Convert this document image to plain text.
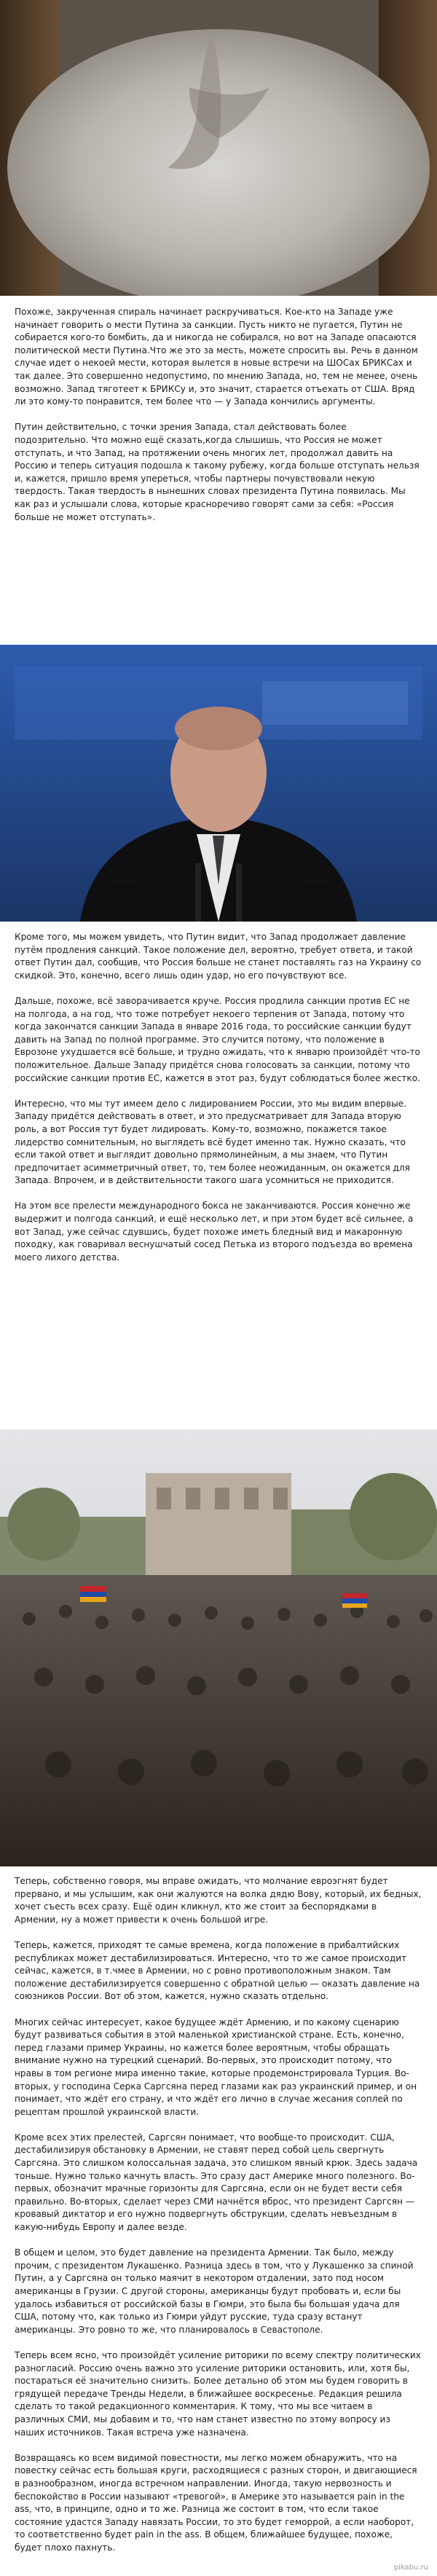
Похоже, закрученная спираль начинает раскручиваться. Кое-кто на Западе уже начинает говорить о мести Путина за санкции. Пусть никто не пугается, Путин не собирается кого-то бомбить, да и никогда не собирался, но вот на Западе опасаются политической мести Путина.Что же это за месть, можете спросить вы. Речь в данном случае идет о некоей мести, которая вылется в новые встречи на ШОСах БРИКСах и так далее. Это совершенно недопустимо, по мнению Запада, но, тем не менее, очень возможно. Запад тяготеет к БРИКСу и, это значит, старается отъехать от США. Вряд ли это кому-то понравится, тем более что — у Запада кончились аргументы.

Путин действительно, с точки зрения Запада, стал действовать более подозрительно. Что можно ещё сказать,когда слышишь, что Россия не может отступать, и что Запад, на протяжении очень многих лет, продолжал давить на Россию и теперь ситуация подошла к такому рубежу, когда больше отступать нельзя и, кажется, пришло время упереться, чтобы партнеры почувствовали некую твердость. Такая твердость в нынешних словах президента Путина появилась. Мы как раз и услышали слова, которые красноречиво говорят сами за себя: «Россия больше не может отступать».

Кроме того, мы можем увидеть, что Путин видит, что Запад продолжает давление путём продления санкций. Такое положение дел, вероятно, требует ответа, и такой ответ Путин дал, сообщив, что Россия больше не станет поставлять газ на Украину со скидкой. Это, конечно, всего лишь один удар, но его почувствуют все.

Дальше, похоже, всё заворачивается круче. Россия продлила санкции против ЕС не на полгода, а на год, что тоже потребует некоего терпения от Запада, потому что когда закончатся санкции Запада в январе 2016 года, то российские санкции будут давить на Запад по полной программе. Это случится потому, что положение в Еврозоне ухудшается всё больше, и трудно ожидать, что к январю произойдёт что-то положительное. Дальше Западу придётся снова голосовать за санкции, потому что российские санкции против ЕС, кажется в этот раз, будут соблюдаться более жестко.

Интересно, что мы тут имеем дело с лидированием России, это мы видим впервые. Западу придётся действовать в ответ, и это предусматривает для Запада вторую роль, а вот Россия тут будет лидировать. Кому-то, возможно, покажется такое лидерство сомнительным, но выглядеть всё будет именно так. Нужно сказать, что если такой ответ и выглядит довольно прямолинейным, а мы знаем, что Путин предпочитает асимметричный ответ, то, тем более неожиданным, он окажется для Запада. Впрочем, и в действительности такого шага усомниться не приходится.

На этом все прелести международного бокса не заканчиваются. Россия конечно же выдержит и полгода санкций, и ещё несколько лет, и при этом будет всё сильнее, а вот Запад, уже сейчас сдувшись, будет похоже иметь бледный вид и макаронную походку, как говаривал веснушчатый сосед Петька из второго подъезда во времена моего лихого детства.

Теперь, собственно говоря, мы вправе ожидать, что молчание евроэгнят будет прервано, и мы услышим, как они жалуются на волка дядю Вову, который, их бедных, хочет съесть всех сразу. Ещё один кликнул, кто же стоит за беспорядками в Армении, ну а может привести к очень большой игре.

Теперь, кажется, приходят те самые времена, когда положение в прибалтийских республиках может дестабилизироваться. Интересно, что то же самое происходит сейчас, кажется, в т.чмее в Армении, но с ровно противоположным знаком. Там положение дестабилизируется совершенно с обратной целью — оказать давление на союзников России. Вот об этом, кажется, нужно сказать отдельно.

Многих сейчас интересует, какое будущее ждёт Армению, и по какому сценарию будут развиваться события в этой маленькой христианской стране. Есть, конечно, перед глазами пример Украины, но кажется более вероятным, чтобы обращать внимание нужно на турецкий сценарий. Во-первых, это происходит потому, что нравы в том регионе мира именно такие, которые продемонстрировала Турция. Во-вторых, у господина Серка Саргсяна перед глазами как раз украинский пример, и он понимает, что ждёт его страну, и что ждёт его лично в случае жесания соплей по рецептам прошлой украинской власти.

Кроме всех этих прелестей, Саргсян понимает, что вообще-то происходит. США, дестабилизируя обстановку в Армении, не ставят перед собой цель свергнуть Саргсяна. Это слишком колоссальная задача, это слишком явный крюк. Здесь задача тоньше. Нужно только качнуть власть. Это сразу даст Америке много полезного. Во-первых, обозначит мрачные горизонты для Саргсяна, если он не будет вести себя правильно. Во-вторых, сделает через СМИ начнётся вброс, что президент Саргсян — кровавый диктатор и его нужно подвергнуть обструкции, сделать невъездным в какую-нибудь Европу и далее везде.

В общем и целом, это будет давление на президента Армении. Так было, между прочим, с президентом Лукашенко. Разница здесь в том, что у Лукашенко за спиной Путин, а у Саргсяна он только маячит в некотором отдалении, зато под носом американцы в Грузии. С другой стороны, американцы будут пробовать и, если бы удалось избавиться от российской базы в Гюмри, это была бы большая удача для США, потому что, как только из Гюмри уйдут русские, туда сразу встанут американцы. Это ровно то же, что планировалось в Севастополе.

Теперь всем ясно, что произойдёт усиление риторики по всему спектру политических разногласий. Россию очень важно это усиление риторики остановить, или, хотя бы, постараться её значительно снизить. Более детально об этом мы будем говорить в грядущей передаче Тренды Недели, в ближайшее воскресенье. Редакция решила сделать то такой редакционного комментария. К тому, что мы все читаем в различных СМИ, мы добавим и то, что нам станет известно по этому вопросу из наших источников. Такая встреча уже назначена.

Возвращаясь ко всем видимой повестности, мы легко можем обнаружить, что на повестку сейчас есть большая круги, расходящиеся с разных сторон, и двигающиеся в разнообразном, иногда встречном направлении. Иногда, такую нервозность и беспокойство в России называют «тревогой», в Америке это называется pain in the ass, что, в принципе, одно и то же. Разница же состоит в том, что если такое состояние удастся Западу навязать России, то это будет геморрой, а если наоборот, то соответственно будет pain in the ass. В общем, ближайшее будущее, похоже, будет плохо пахнуть.

pikabu.ru
